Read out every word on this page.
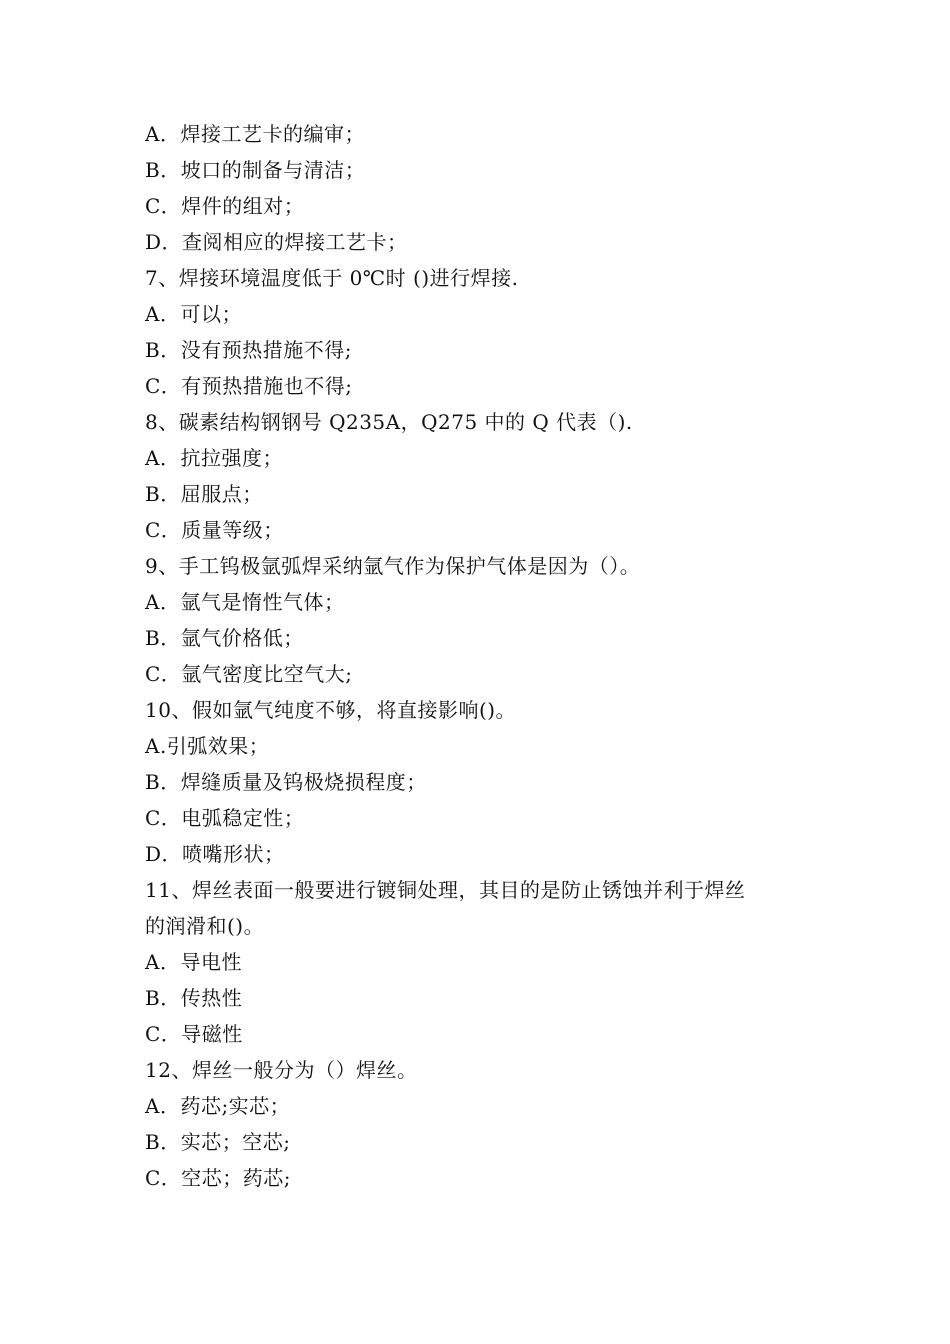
A．焊接工艺卡的编审；
B．坡口的制备与清洁；
C．焊件的组对；
D．查阅相应的焊接工艺卡；
7、焊接环境温度低于 0℃时 ()进行焊接.
A．可以；
B．没有预热措施不得;
C．有预热措施也不得;
8、碳素结构钢钢号 Q235A，Q275 中的 Q 代表（).
A．抗拉强度；
B．屈服点；
C．质量等级；
9、手工钨极氩弧焊采纳氩气作为保护气体是因为（）。
A．氩气是惰性气体；
B．氩气价格低；
C．氩气密度比空气大;
10、假如氩气纯度不够，将直接影响()。
A.引弧效果；
B．焊缝质量及钨极烧损程度；
C．电弧稳定性；
D．喷嘴形状；
11、焊丝表面一般要进行镀铜处理，其目的是防止锈蚀并利于焊丝
的润滑和()。
A．导电性
B．传热性
C．导磁性
12、焊丝一般分为（）焊丝。
A．药芯;实芯；
B．实芯；空芯;
C．空芯；药芯;
